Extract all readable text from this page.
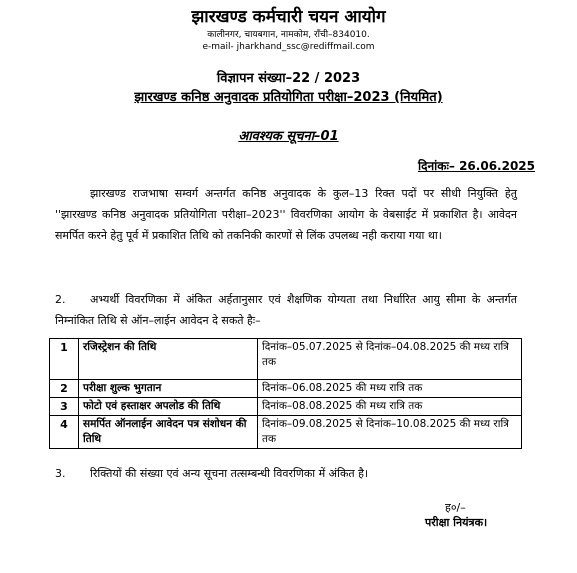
झारखण्ड कर्मचारी चयन आयोग
कालीनगर, चायबगान, नामकोम, राँची–834010.
e-mail- jharkhand_ssc@rediffmail.com
विज्ञापन संख्या–22 / 2023
झारखण्ड कनिष्ठ अनुवादक प्रतियोगिता परीक्षा–2023 (नियमित)
आवश्यक सूचना–01
दिनांकः– 26.06.2025
झारखण्ड राजभाषा सम्वर्ग अन्तर्गत कनिष्ठ अनुवादक के कुल–13 रिक्त पदों पर सीधी नियुक्ति हेतु ''झारखण्ड कनिष्ठ अनुवादक प्रतियोगिता परीक्षा–2023'' विवरणिका आयोग के वेबसाईट में प्रकाशित है। आवेदन समर्पित करने हेतु पूर्व में प्रकाशित तिथि को तकनिकी कारणों से लिंक उपलब्ध नही कराया गया था।
2. अभ्यर्थी विवरणिका में अंकित अर्हतानुसार एवं शैक्षणिक योग्यता तथा निर्धारित आयु सीमा के अन्तर्गत निम्नांकित तिथि से ऑन–लाईन आवेदन दे सकते हैः–
1	रजिस्ट्रेशन की तिथि	दिनांक–05.07.2025 से दिनांक–04.08.2025 की मध्य रात्रि तक
2	परीक्षा शुल्क भुगतान	दिनांक–06.08.2025 की मध्य रात्रि तक
3	फोटो एवं हस्ताक्षर अपलोड की तिथि	दिनांक–08.08.2025 की मध्य रात्रि तक
4	समर्पित ऑनलाईन आवेदन पत्र संशोधन की तिथि	दिनांक–09.08.2025 से दिनांक–10.08.2025 की मध्य रात्रि तक
3. रिक्तियों की संख्या एवं अन्य सूचना तत्सम्बन्धी विवरणिका में अंकित है।
ह०/–
परीक्षा नियंत्रक।
